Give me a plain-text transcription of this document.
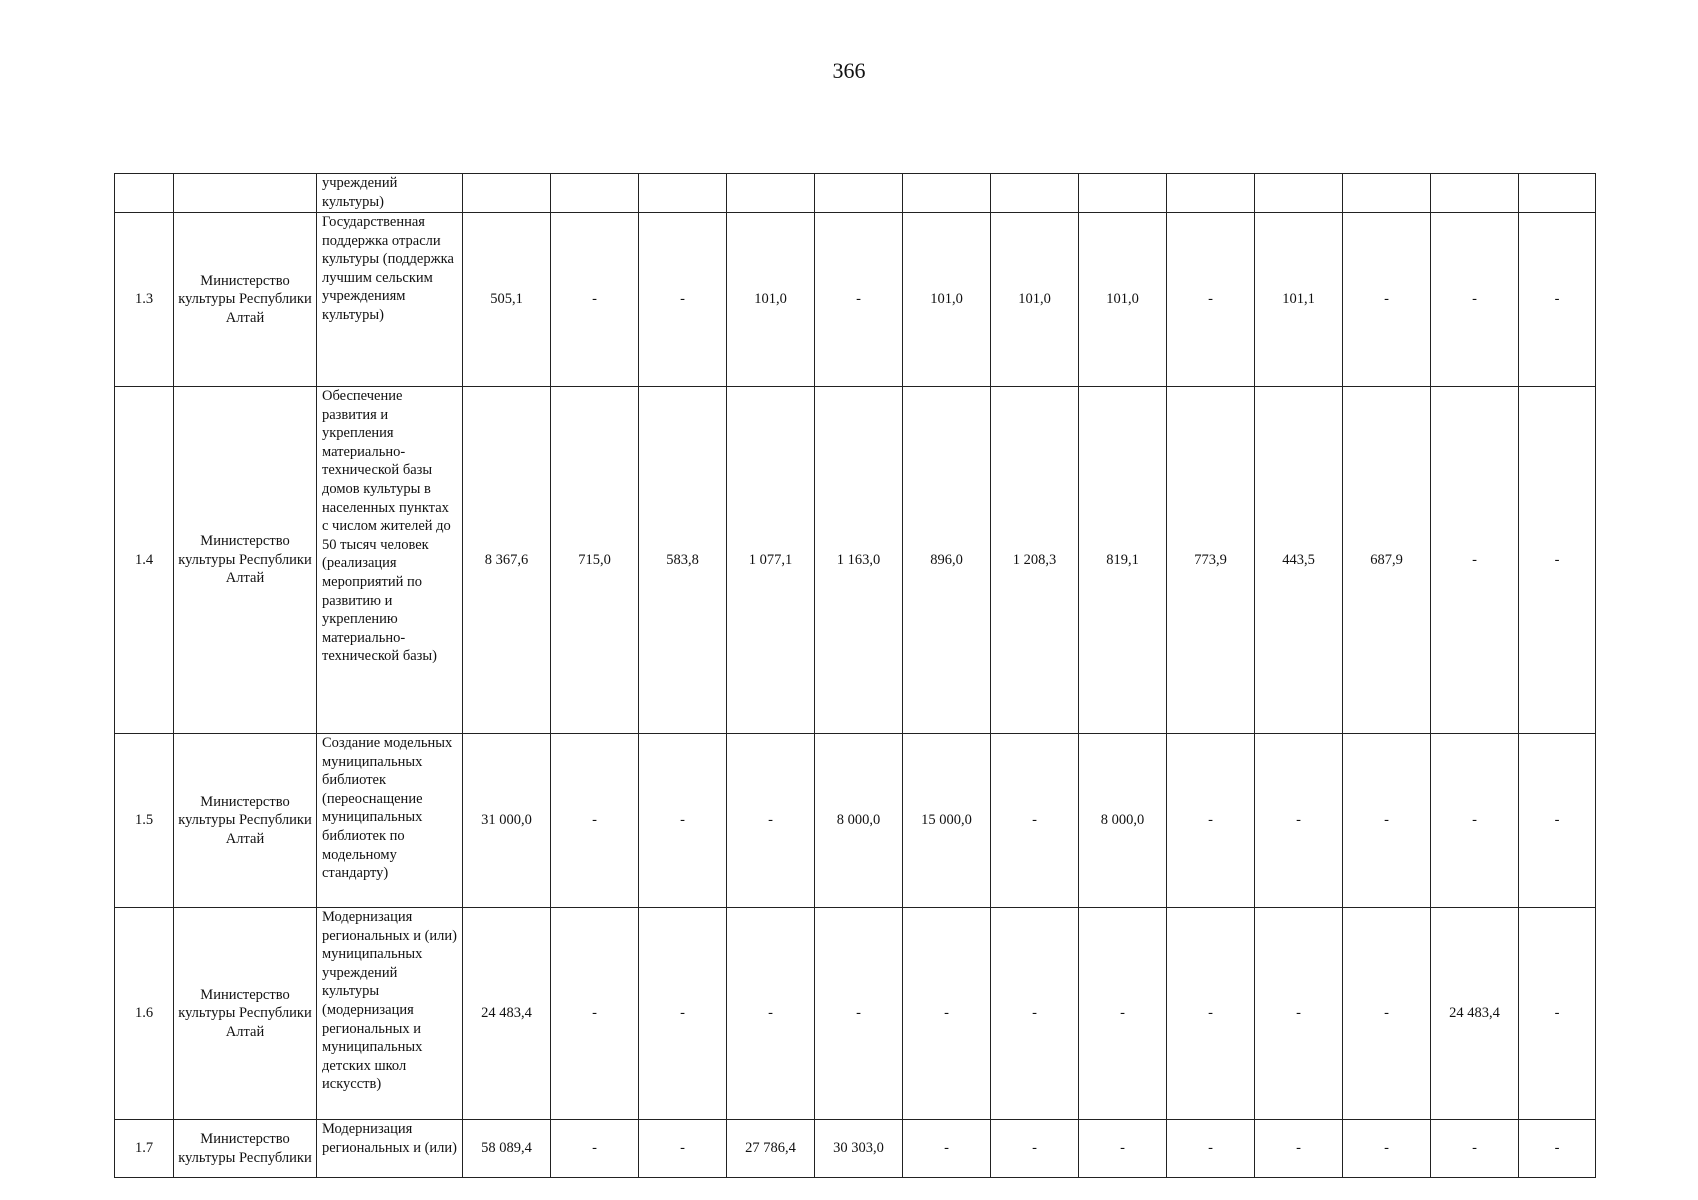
366
		учреждений культуры)													
1.3	Министерство культуры Республики Алтай	Государственная поддержка отрасли культуры (поддержка лучшим сельским учреждениям культуры)	505,1	-	-	101,0	-	101,0	101,0	101,0	-	101,1	-	-	-
1.4	Министерство культуры Республики Алтай	Обеспечение развития и укрепления материально-технической базы домов культуры в населенных пунктах с числом жителей до 50 тысяч человек (реализация мероприятий по развитию и укреплению материально-технической базы)	8 367,6	715,0	583,8	1 077,1	1 163,0	896,0	1 208,3	819,1	773,9	443,5	687,9	-	-
1.5	Министерство культуры Республики Алтай	Создание модельных муниципальных библиотек (переоснащение муниципальных библиотек по модельному стандарту)	31 000,0	-	-	-	8 000,0	15 000,0	-	8 000,0	-	-	-	-	-
1.6	Министерство культуры Республики Алтай	Модернизация региональных и (или) муниципальных учреждений культуры (модернизация региональных и муниципальных детских школ искусств)	24 483,4	-	-	-	-	-	-	-	-	-	-	24 483,4	-
1.7	Министерство культуры Республики	Модернизация региональных и (или)	58 089,4	-	-	27 786,4	30 303,0	-	-	-	-	-	-	-	-
